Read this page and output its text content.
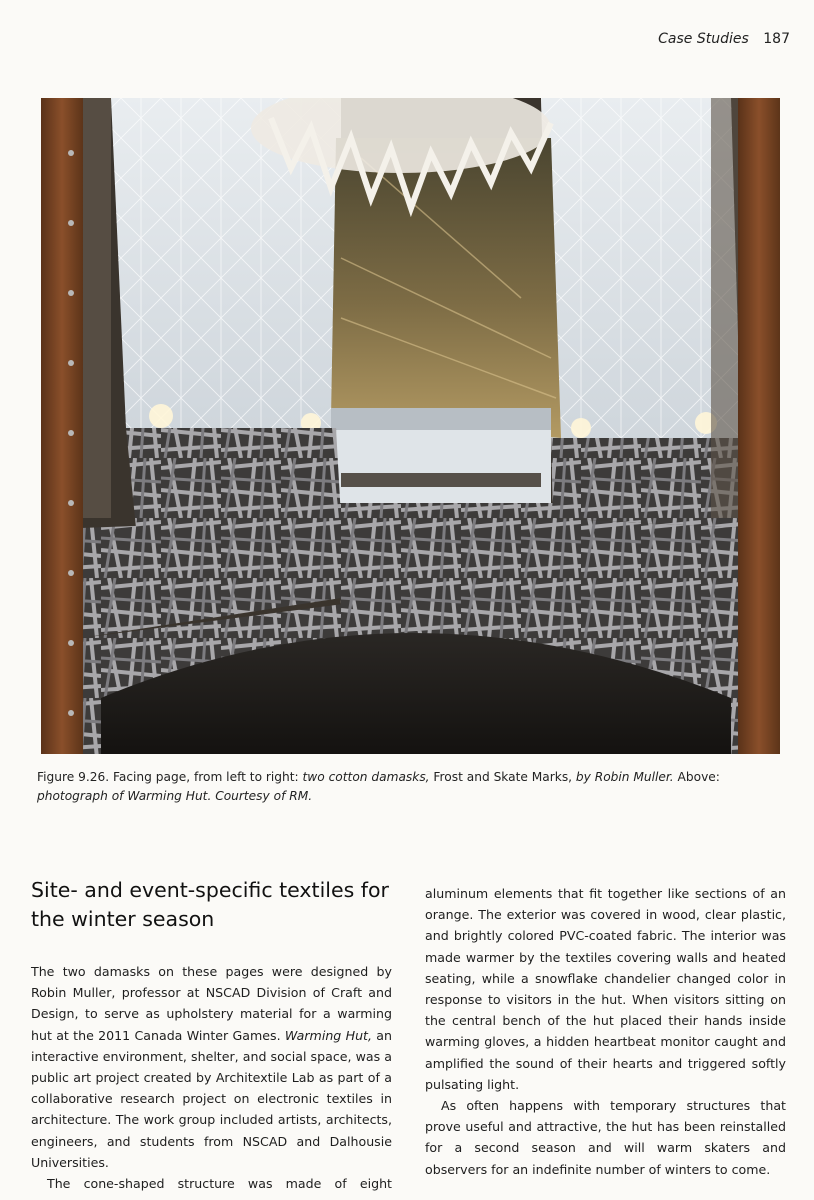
Case Studies 187
Figure 9.26. Facing page, from left to right: two cotton damasks, Frost and Skate Marks, by Robin Muller. Above: photograph of Warming Hut. Courtesy of RM.
Site- and event-specific textiles for the winter season

The two damasks on these pages were designed by Robin Muller, professor at NSCAD Division of Craft and Design, to serve as upholstery material for a warming hut at the 2011 Canada Winter Games. Warming Hut, an interactive environment, shelter, and social space, was a public art project created by Architextile Lab as part of a collaborative research project on electronic textiles in architecture. The work group included artists, architects, engineers, and students from NSCAD and Dalhousie Universities.

The cone-shaped structure was made of eight

aluminum elements that fit together like sections of an orange. The exterior was covered in wood, clear plastic, and brightly colored PVC-coated fabric. The interior was made warmer by the textiles covering walls and heated seating, while a snowflake chandelier changed color in response to visitors in the hut. When visitors sitting on the central bench of the hut placed their hands inside warming gloves, a hidden heartbeat monitor caught and amplified the sound of their hearts and triggered softly pulsating light.

As often happens with temporary structures that prove useful and attractive, the hut has been reinstalled for a second season and will warm skaters and observers for an indefinite number of winters to come.
